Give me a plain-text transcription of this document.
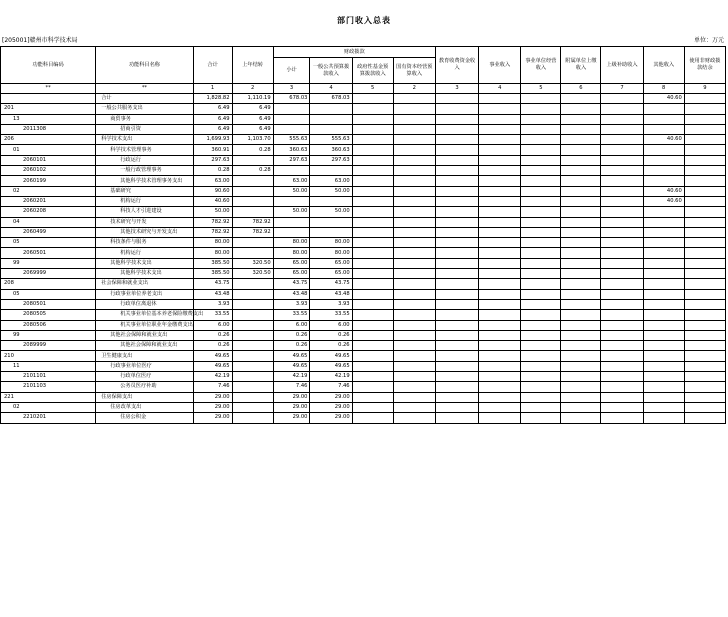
部门收入总表
[205001]赣州市科学技术局	单位：万元
功能科目编码	功能科目名称	合计	上年结转	财政拨款				教育收费资金收入	事业收入	事业单位经营收入	附属单位上缴收入	上级补助收入	其他收入	使用非财政拨款结余
				小计	一般公共预算拨款收入	政府性基金预算拨款收入	国有资本经营预算收入							
**	**	1	2	3	4	5	2	3	4	5	6	7	8	9
	合计	1,828.82	1,110.19	678.03	678.03								40.60	
201	一般公共服务支出	6.49	6.49											
13	商贸事务	6.49	6.49											
2011308	招商引资	6.49	6.49											
206	科学技术支出	1,699.93	1,103.70	555.63	555.63								40.60	
01	科学技术管理事务	360.91	0.28	360.63	360.63									
2060101	行政运行	297.63		297.63	297.63									
2060102	一般行政管理事务	0.28	0.28											
2060199	其他科学技术管理事务支出	63.00		63.00	63.00									
02	基础研究	90.60		50.00	50.00								40.60	
2060201	机构运行	40.60											40.60	
2060208	科技人才引进建设	50.00		50.00	50.00									
04	技术研究与开发	782.92	782.92											
2060499	其他技术研究与开发支出	782.92	782.92											
05	科技条件与服务	80.00		80.00	80.00									
2060501	机构运行	80.00		80.00	80.00									
99	其他科学技术支出	385.50	320.50	65.00	65.00									
2069999	其他科学技术支出	385.50	320.50	65.00	65.00									
208	社会保障和就业支出	43.75		43.75	43.75									
05	行政事业单位养老支出	43.48		43.48	43.48									
2080501	行政单位离退休	3.93		3.93	3.93									
2080505	机关事业单位基本养老保险缴费支出	33.55		33.55	33.55									
2080506	机关事业单位职业年金缴费支出	6.00		6.00	6.00									
99	其他社会保障和就业支出	0.26		0.26	0.26									
2089999	其他社会保障和就业支出	0.26		0.26	0.26									
210	卫生健康支出	49.65		49.65	49.65									
11	行政事业单位医疗	49.65		49.65	49.65									
2101101	行政单位医疗	42.19		42.19	42.19									
2101103	公务员医疗补助	7.46		7.46	7.46									
221	住房保障支出	29.00		29.00	29.00									
02	住房改革支出	29.00		29.00	29.00									
2210201	住房公积金	29.00		29.00	29.00									
